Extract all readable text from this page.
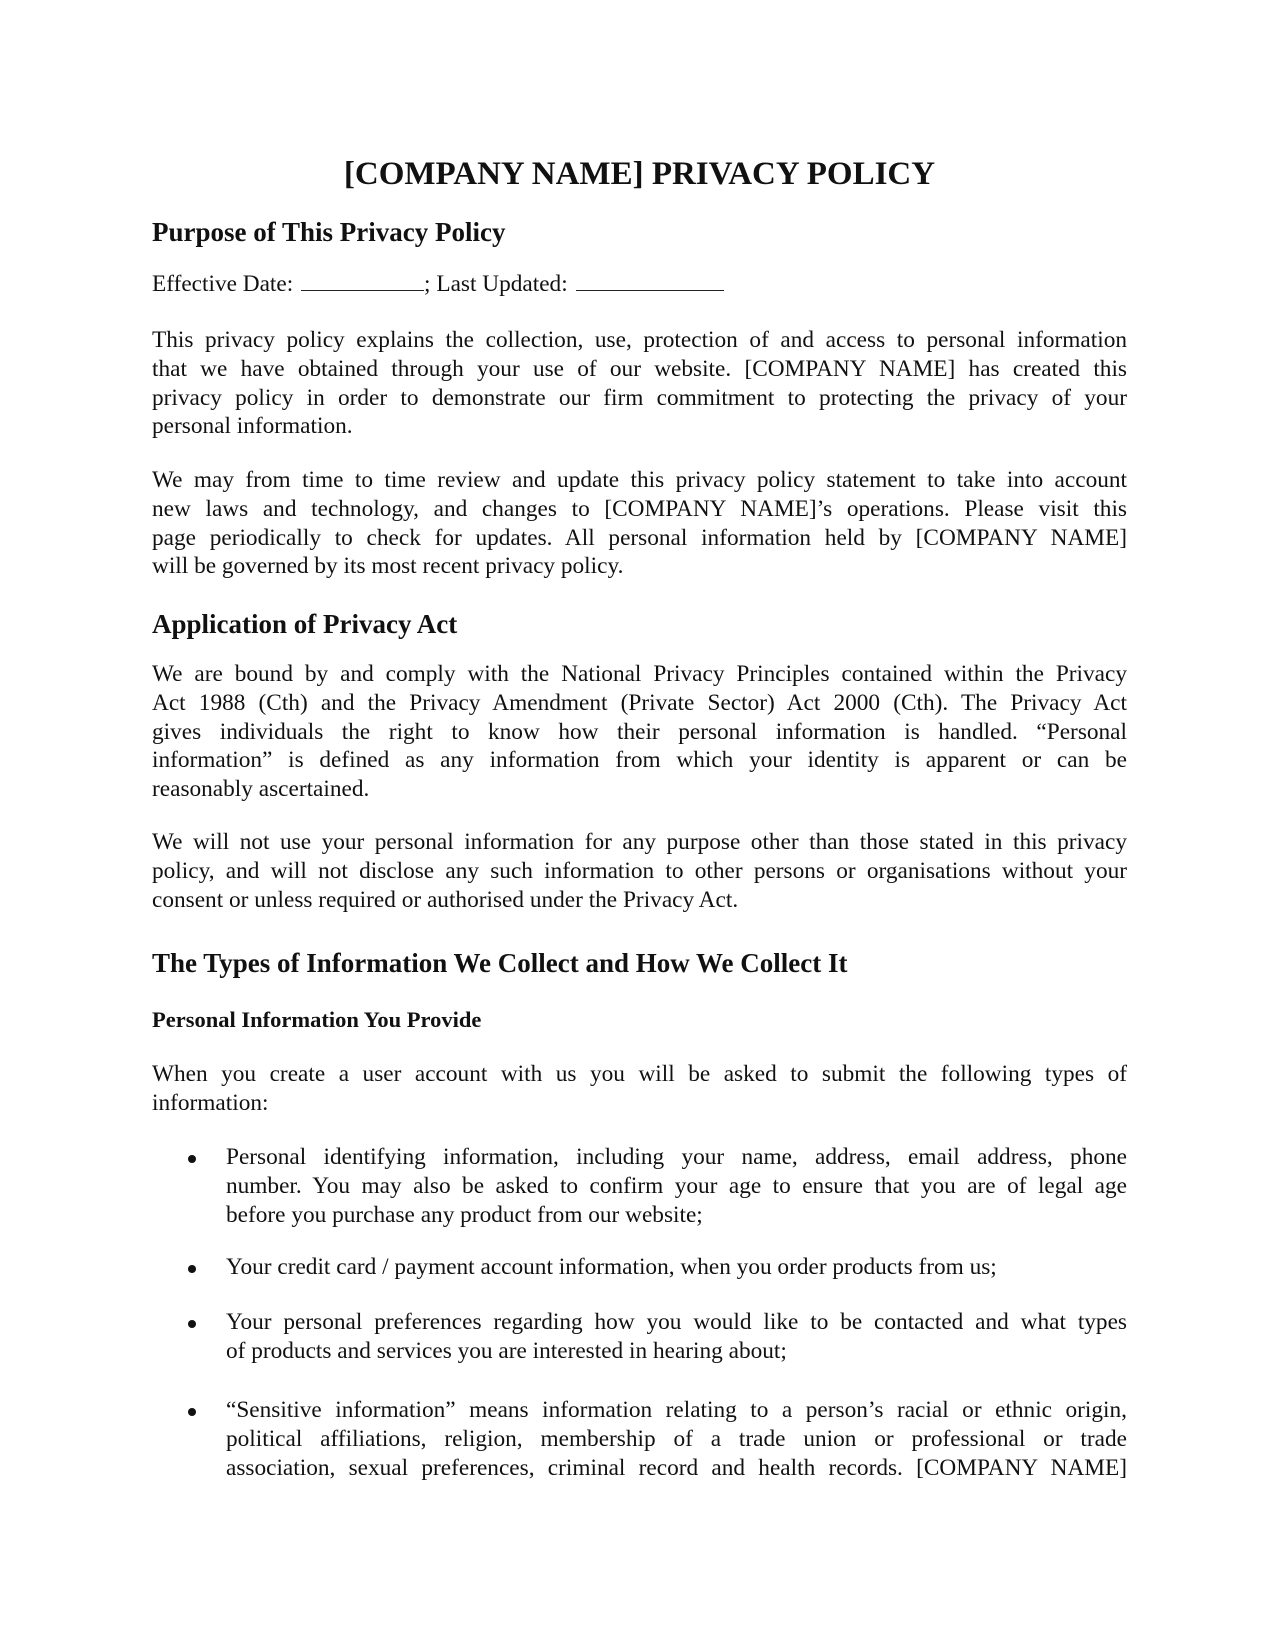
[COMPANY NAME] PRIVACY POLICY
Purpose of This Privacy Policy
Effective Date:	; Last Updated:
This privacy policy explains the collection, use, protection of and access to personal information
that we have obtained through your use of our website. [COMPANY NAME] has created this
privacy policy in order to demonstrate our firm commitment to protecting the privacy of your
personal information.
We may from time to time review and update this privacy policy statement to take into account
new laws and technology, and changes to [COMPANY NAME]’s operations. Please visit this
page periodically to check for updates. All personal information held by [COMPANY NAME]
will be governed by its most recent privacy policy.
Application of Privacy Act
We are bound by and comply with the National Privacy Principles contained within the Privacy
Act 1988 (Cth) and the Privacy Amendment (Private Sector) Act 2000 (Cth). The Privacy Act
gives individuals the right to know how their personal information is handled. “Personal
information” is defined as any information from which your identity is apparent or can be
reasonably ascertained.
We will not use your personal information for any purpose other than those stated in this privacy
policy, and will not disclose any such information to other persons or organisations without your
consent or unless required or authorised under the Privacy Act.
The Types of Information We Collect and How We Collect It
Personal Information You Provide
When you create a user account with us you will be asked to submit the following types of
information:
Personal identifying information, including your name, address, email address, phone
number. You may also be asked to confirm your age to ensure that you are of legal age
before you purchase any product from our website;
Your credit card / payment account information, when you order products from us;
Your personal preferences regarding how you would like to be contacted and what types
of products and services you are interested in hearing about;
“Sensitive information” means information relating to a person’s racial or ethnic origin,
political affiliations, religion, membership of a trade union or professional or trade
association, sexual preferences, criminal record and health records. [COMPANY NAME]
